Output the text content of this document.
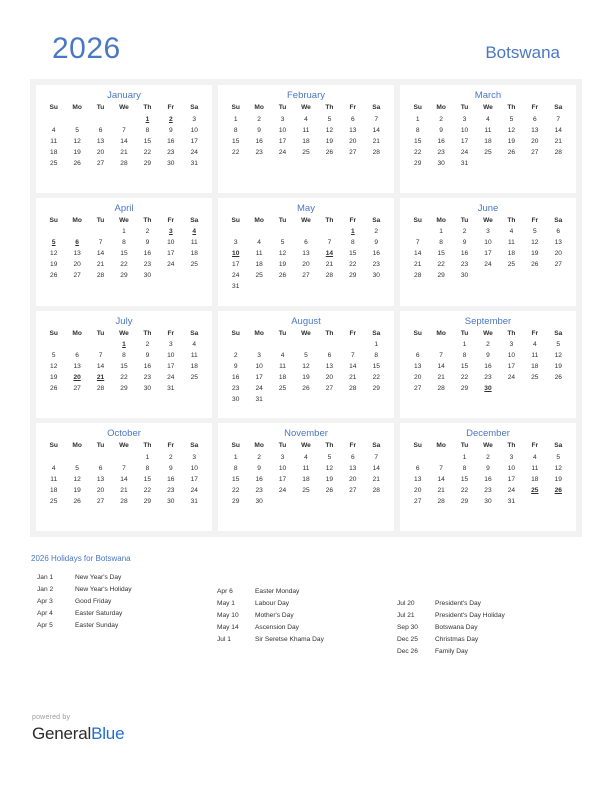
2026	Botswana
January
Su	Mo	Tu	We	Th	Fr	Sa
				1	2	3
4	5	6	7	8	9	10
11	12	13	14	15	16	17
18	19	20	21	22	23	24
25	26	27	28	29	30	31

February
Su	Mo	Tu	We	Th	Fr	Sa
1	2	3	4	5	6	7
8	9	10	11	12	13	14
15	16	17	18	19	20	21
22	23	24	25	26	27	28

March
Su	Mo	Tu	We	Th	Fr	Sa
1	2	3	4	5	6	7
8	9	10	11	12	13	14
15	16	17	18	19	20	21
22	23	24	25	26	27	28
29	30	31				

April
Su	Mo	Tu	We	Th	Fr	Sa
			1	2	3	4
5	6	7	8	9	10	11
12	13	14	15	16	17	18
19	20	21	22	23	24	25
26	27	28	29	30		

May
Su	Mo	Tu	We	Th	Fr	Sa
					1	2
3	4	5	6	7	8	9
10	11	12	13	14	15	16
17	18	19	20	21	22	23
24	25	26	27	28	29	30
31						
June
Su	Mo	Tu	We	Th	Fr	Sa
	1	2	3	4	5	6
7	8	9	10	11	12	13
14	15	16	17	18	19	20
21	22	23	24	25	26	27
28	29	30				

July
Su	Mo	Tu	We	Th	Fr	Sa
			1	2	3	4
5	6	7	8	9	10	11
12	13	14	15	16	17	18
19	20	21	22	23	24	25
26	27	28	29	30	31	

August
Su	Mo	Tu	We	Th	Fr	Sa
						1
2	3	4	5	6	7	8
9	10	11	12	13	14	15
16	17	18	19	20	21	22
23	24	25	26	27	28	29
30	31					
September
Su	Mo	Tu	We	Th	Fr	Sa
		1	2	3	4	5
6	7	8	9	10	11	12
13	14	15	16	17	18	19
20	21	22	23	24	25	26
27	28	29	30			

October
Su	Mo	Tu	We	Th	Fr	Sa
				1	2	3
4	5	6	7	8	9	10
11	12	13	14	15	16	17
18	19	20	21	22	23	24
25	26	27	28	29	30	31

November
Su	Mo	Tu	We	Th	Fr	Sa
1	2	3	4	5	6	7
8	9	10	11	12	13	14
15	16	17	18	19	20	21
22	23	24	25	26	27	28
29	30					

December
Su	Mo	Tu	We	Th	Fr	Sa
		1	2	3	4	5
6	7	8	9	10	11	12
13	14	15	16	17	18	19
20	21	22	23	24	25	26
27	28	29	30	31		

2026 Holidays for Botswana
Jan 1	New Year's Day
Jan 2	New Year's Holiday
Apr 3	Good Friday
Apr 4	Easter Saturday
Apr 5	Easter Sunday
Apr 6	Easter Monday
May 1	Labour Day
May 10	Mother's Day
May 14	Ascension Day
Jul 1	Sir Seretse Khama Day
Jul 20	President's Day
Jul 21	President's Day Holiday
Sep 30	Botswana Day
Dec 25	Christmas Day
Dec 26	Family Day
powered by
GeneralBlue
